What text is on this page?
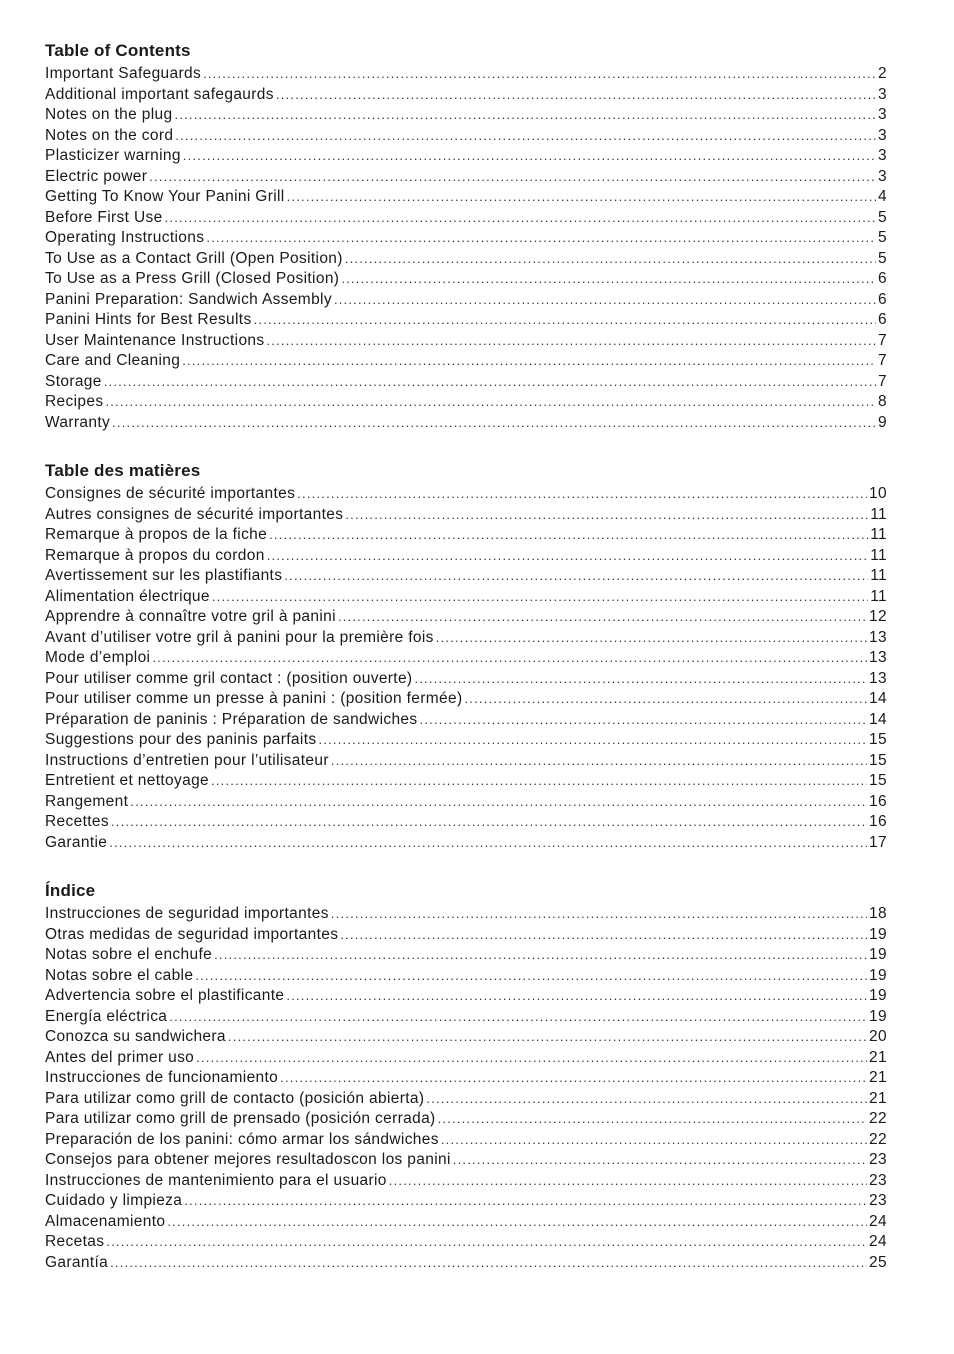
Table of Contents
Important Safeguards .....	2
Additional important safegaurds .....	3
Notes on the plug .....	3
Notes on the cord .....	3
Plasticizer warning .....	3
Electric power .....	3
Getting To Know Your Panini Grill .....	4
Before First Use .....	5
Operating Instructions .....	5
To Use as a Contact Grill (Open Position) .....	5
To Use as a Press Grill (Closed Position) .....	6
Panini Preparation: Sandwich Assembly .....	6
Panini Hints for Best Results .....	6
User Maintenance Instructions .....	7
Care and Cleaning .....	7
Storage .....	7
Recipes .....	8
Warranty .....	9
Table des matières
Consignes de sécurité importantes .....	10
Autres consignes de sécurité importantes .....	11
Remarque à propos de la fiche .....	11
Remarque à propos du cordon .....	11
Avertissement sur les plastifiants .....	11
Alimentation électrique .....	11
Apprendre à connaître votre gril à panini .....	12
Avant d’utiliser votre gril à panini pour la première fois .....	13
Mode d’emploi .....	13
Pour utiliser comme gril contact : (position ouverte) .....	13
Pour utiliser comme un presse à panini : (position fermée) .....	14
Préparation de paninis : Préparation de sandwiches .....	14
Suggestions pour des paninis parfaits .....	15
Instructions d’entretien pour l’utilisateur .....	15
Entretient et nettoyage .....	15
Rangement .....	16
Recettes .....	16
Garantie .....	17
Índice
Instrucciones de seguridad importantes .....	18
Otras medidas de seguridad importantes .....	19
Notas sobre el enchufe .....	19
Notas sobre el cable .....	19
Advertencia sobre el plastificante .....	19
Energía eléctrica .....	19
Conozca su sandwichera .....	20
Antes del primer uso .....	21
Instrucciones de funcionamiento .....	21
Para utilizar como grill de contacto (posición abierta) .....	21
Para utilizar como grill de prensado (posición cerrada) .....	22
Preparación de los panini: cómo armar los sándwiches .....	22
Consejos para obtener mejores resultadoscon los panini .....	23
Instrucciones de mantenimiento para el usuario .....	23
Cuidado y limpieza .....	23
Almacenamiento .....	24
Recetas .....	24
Garantía .....	25
